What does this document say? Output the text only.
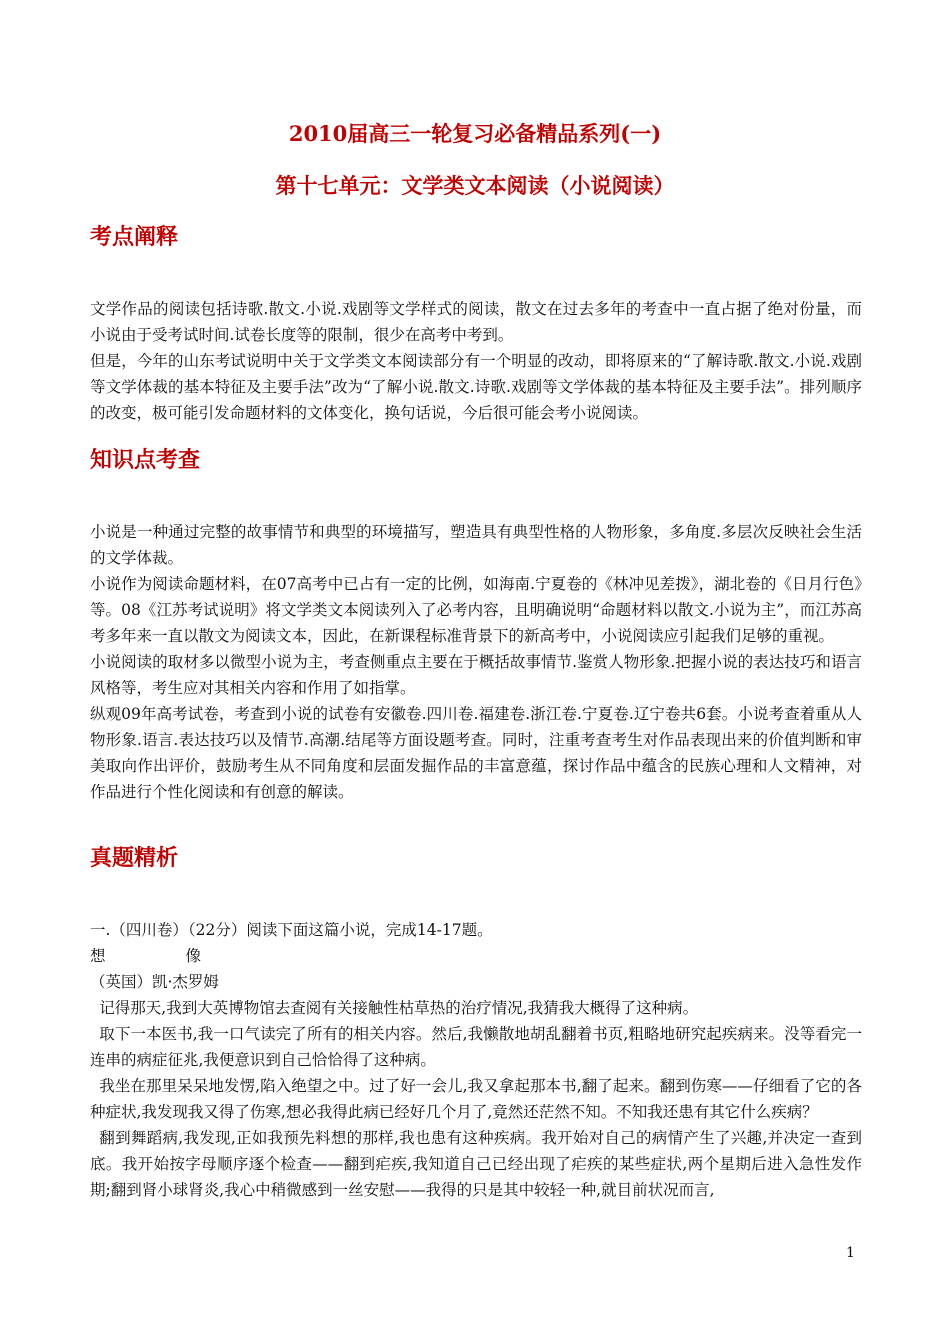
2010届高三一轮复习必备精品系列(一)
第十七单元：文学类文本阅读（小说阅读）
考点阐释

文学作品的阅读包括诗歌.散文.小说.戏剧等文学样式的阅读，散文在过去多年的考查中一直占据了绝对份量，而小说由于受考试时间.试卷长度等的限制，很少在高考中考到。

但是，今年的山东考试说明中关于文学类文本阅读部分有一个明显的改动，即将原来的“了解诗歌.散文.小说.戏剧等文学体裁的基本特征及主要手法”改为“了解小说.散文.诗歌.戏剧等文学体裁的基本特征及主要手法”。排列顺序的改变，极可能引发命题材料的文体变化，换句话说，今后很可能会考小说阅读。

知识点考查

小说是一种通过完整的故事情节和典型的环境描写，塑造具有典型性格的人物形象，多角度.多层次反映社会生活的文学体裁。

小说作为阅读命题材料，在07高考中已占有一定的比例，如海南.宁夏卷的《林冲见差拨》，湖北卷的《日月行色》等。08《江苏考试说明》将文学类文本阅读列入了必考内容，且明确说明“命题材料以散文.小说为主”，而江苏高考多年来一直以散文为阅读文本，因此，在新课程标准背景下的新高考中，小说阅读应引起我们足够的重视。

小说阅读的取材多以微型小说为主，考查侧重点主要在于概括故事情节.鉴赏人物形象.把握小说的表达技巧和语言风格等，考生应对其相关内容和作用了如指掌。

纵观09年高考试卷，考查到小说的试卷有安徽卷.四川卷.福建卷.浙江卷.宁夏卷.辽宁卷共6套。小说考查着重从人物形象.语言.表达技巧以及情节.高潮.结尾等方面设题考查。同时，注重考查考生对作品表现出来的价值判断和审美取向作出评价，鼓励考生从不同角度和层面发掘作品的丰富意蕴，探讨作品中蕴含的民族心理和人文精神，对作品进行个性化阅读和有创意的解读。

真题精析

一.（四川卷）（22分）阅读下面这篇小说，完成14-17题。

想	像

（英国）凯·杰罗姆

记得那天,我到大英博物馆去查阅有关接触性枯草热的治疗情况,我猜我大概得了这种病。

取下一本医书,我一口气读完了所有的相关内容。然后,我懒散地胡乱翻着书页,粗略地研究起疾病来。没等看完一连串的病症征兆,我便意识到自己恰恰得了这种病。

我坐在那里呆呆地发愣,陷入绝望之中。过了好一会儿,我又拿起那本书,翻了起来。翻到伤寒——仔细看了它的各种症状,我发现我又得了伤寒,想必我得此病已经好几个月了,竟然还茫然不知。不知我还患有其它什么疾病？

翻到舞蹈病,我发现,正如我预先料想的那样,我也患有这种疾病。我开始对自己的病情产生了兴趣,并决定一查到底。我开始按字母顺序逐个检查——翻到疟疾,我知道自己已经出现了疟疾的某些症状,两个星期后进入急性发作期;翻到肾小球肾炎,我心中稍微感到一丝安慰——我得的只是其中较轻一种,就目前状况而言,

1
